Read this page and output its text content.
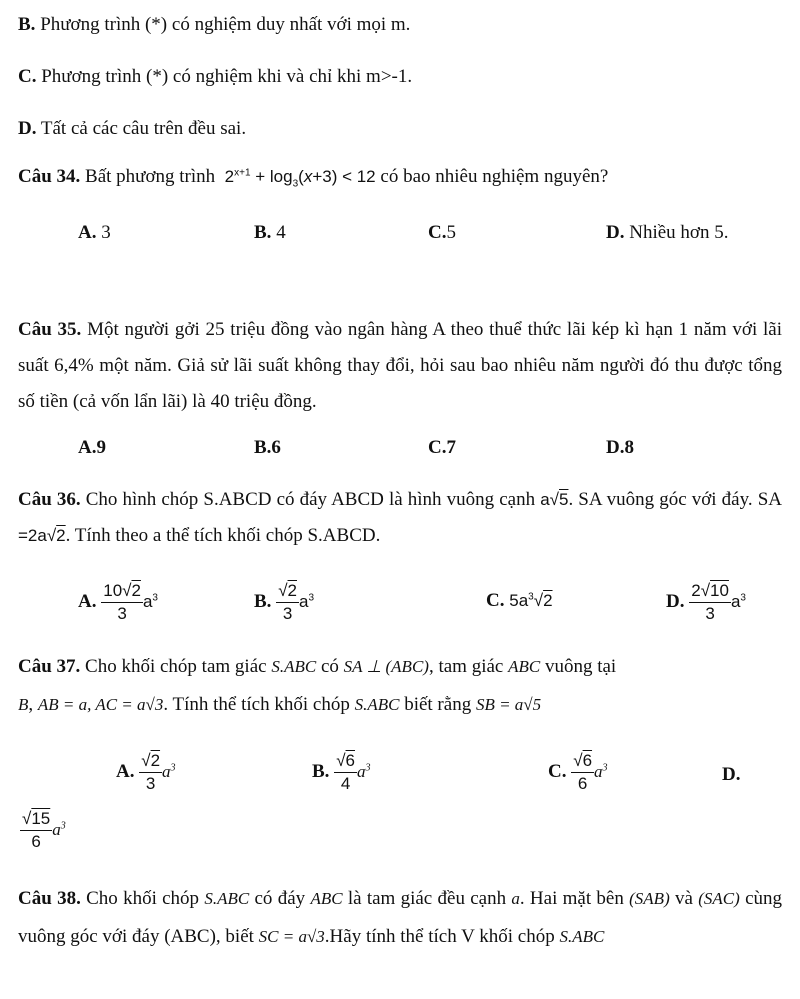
B. Phương trình (*) có nghiệm duy nhất với mọi m.
C. Phương trình (*) có nghiệm khi và chỉ khi m>-1.
D. Tất cả các câu trên đều sai.
Câu 34. Bất phương trình  $2^{x+1} + \log_3(x+3) < 12$ có bao nhiêu nghiệm nguyên?
A. 3	B. 4	C.5	D. Nhiều hơn 5.
Câu 35. Một người gởi 25 triệu đồng vào ngân hàng A theo thuể thức lãi kép kì hạn 1 năm với lãi suất 6,4% một năm. Giả sử lãi suất không thay đổi, hỏi sau bao nhiêu năm người đó thu được tổng số tiền (cả vốn lẩn lãi) là 40 triệu đồng.
A.9	B.6	C.7	D.8
Câu 36. Cho hình chóp S.ABCD có đáy ABCD là hình vuông cạnh a√5. SA vuông góc với đáy. SA =2a√2. Tính theo a thể tích khối chóp S.ABCD.
A. $\frac{10√2}{3} a^3$	B. $\frac{√2}{3} a^3$	C. $5a^3√2$	D. $\frac{2√10}{3} a^3$
Câu 37. Cho khối chóp tam giác S.ABC có SA ⊥ (ABC), tam giác ABC vuông tại
B, AB = a, AC = a√3. Tính thể tích khối chóp S.ABC biết rằng SB = a√5
A. $\frac{√2}{3} a^3$	B. $\frac{√6}{4} a^3$	C. $\frac{√6}{6} a^3$	D.
$\frac{√15}{6} a^3$
Câu 38. Cho khối chóp S.ABC có đáy ABC là tam giác đều cạnh a. Hai mặt bên (SAB) và (SAC) cùng vuông góc với đáy (ABC), biết SC = a√3.Hãy tính thể tích V khối chóp S.ABC
